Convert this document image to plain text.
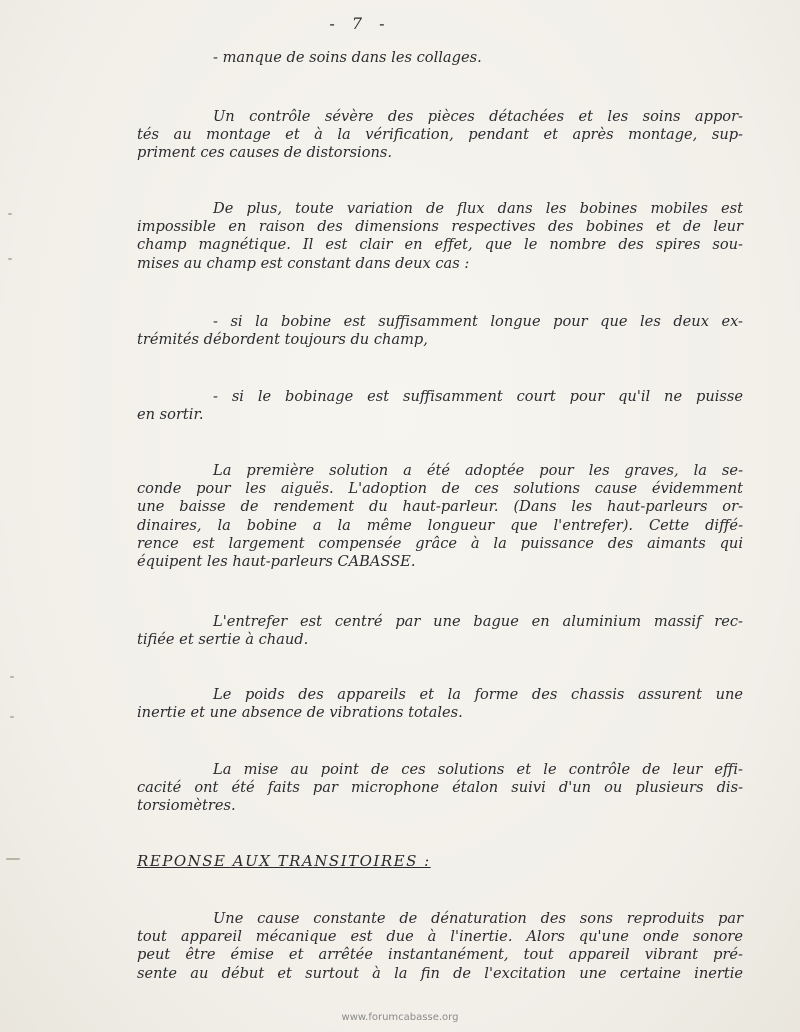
- 7 -
- manque de soins dans les collages.
Un contrôle sévère des pièces détachées et les soins appor-
tés au montage et à la vérification, pendant et après montage, sup-
priment ces causes de distorsions.
De plus, toute variation de flux dans les bobines mobiles est
impossible en raison des dimensions respectives des bobines et de leur
champ magnétique. Il est clair en effet, que le nombre des spires sou-
mises au champ est constant dans deux cas :
- si la bobine est suffisamment longue pour que les deux ex-
trémités débordent toujours du champ,
- si le bobinage est suffisamment court pour qu'il ne puisse
en sortir.
La première solution a été adoptée pour les graves, la se-
conde pour les aiguës. L'adoption de ces solutions cause évidemment
une baisse de rendement du haut-parleur. (Dans les haut-parleurs or-
dinaires, la bobine a la même longueur que l'entrefer). Cette diffé-
rence est largement compensée grâce à la puissance des aimants qui
équipent les haut-parleurs CABASSE.
L'entrefer est centré par une bague en aluminium massif rec-
tifiée et sertie à chaud.
Le poids des appareils et la forme des chassis assurent une
inertie et une absence de vibrations totales.
La mise au point de ces solutions et le contrôle de leur effi-
cacité ont été faits par microphone étalon suivi d'un ou plusieurs dis-
torsiomètres.
REPONSE AUX TRANSITOIRES :
Une cause constante de dénaturation des sons reproduits par
tout appareil mécanique est due à l'inertie. Alors qu'une onde sonore
peut être émise et arrêtée instantanément, tout appareil vibrant pré-
sente au début et surtout à la fin de l'excitation une certaine inertie
www.forumcabasse.org
